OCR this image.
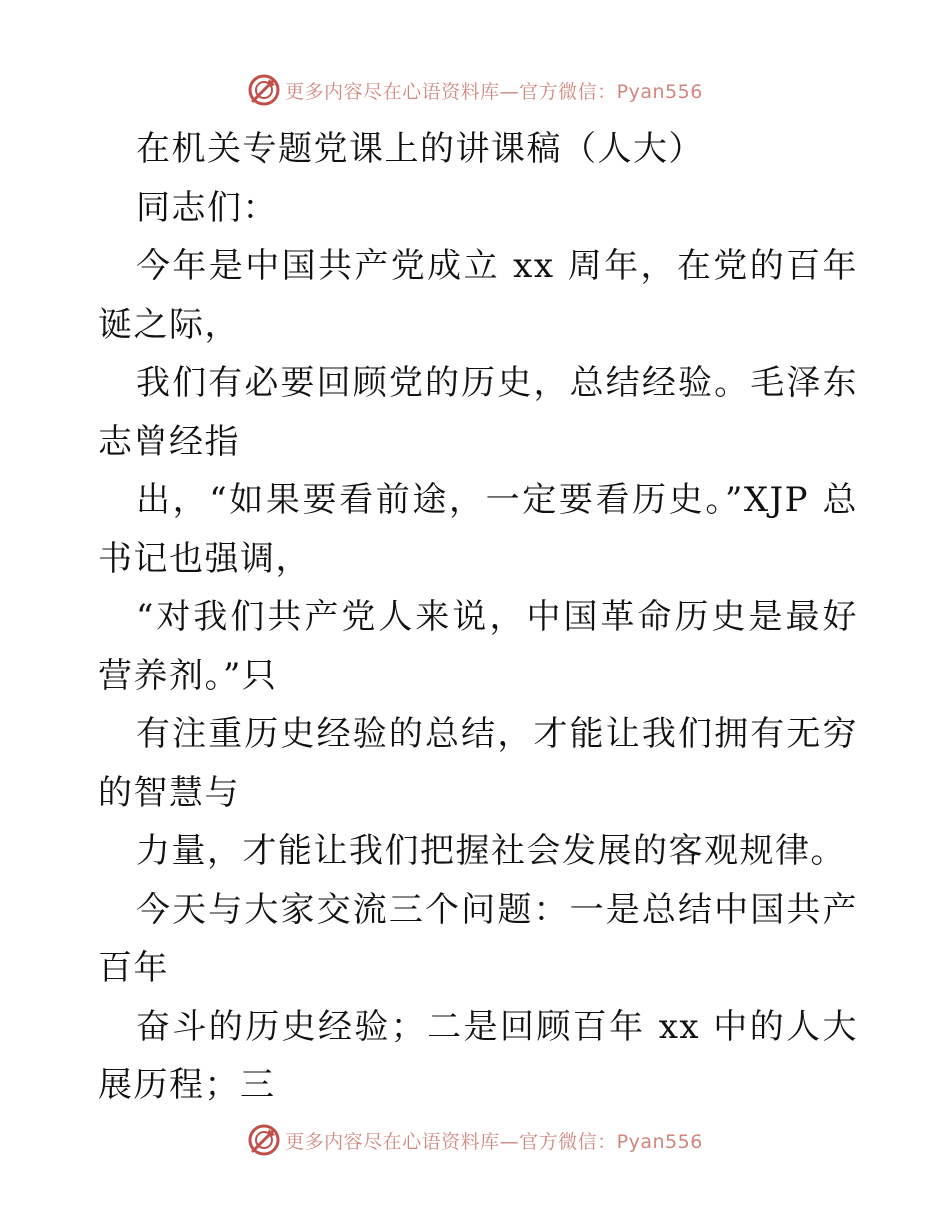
更多内容尽在心语资料库—官方微信：Pyan556
在机关专题党课上的讲课稿（人大）
同志们：
今年是中国共产党成立 xx 周年，在党的百年
诞之际，
我们有必要回顾党的历史，总结经验。毛泽东
志曾经指
出，“如果要看前途，一定要看历史。”XJP 总
书记也强调，
“对我们共产党人来说，中国革命历史是最好
营养剂。”只
有注重历史经验的总结，才能让我们拥有无穷
的智慧与
力量，才能让我们把握社会发展的客观规律。
今天与大家交流三个问题：一是总结中国共产
百年
奋斗的历史经验；二是回顾百年 xx 中的人大
展历程；三
更多内容尽在心语资料库—官方微信：Pyan556
